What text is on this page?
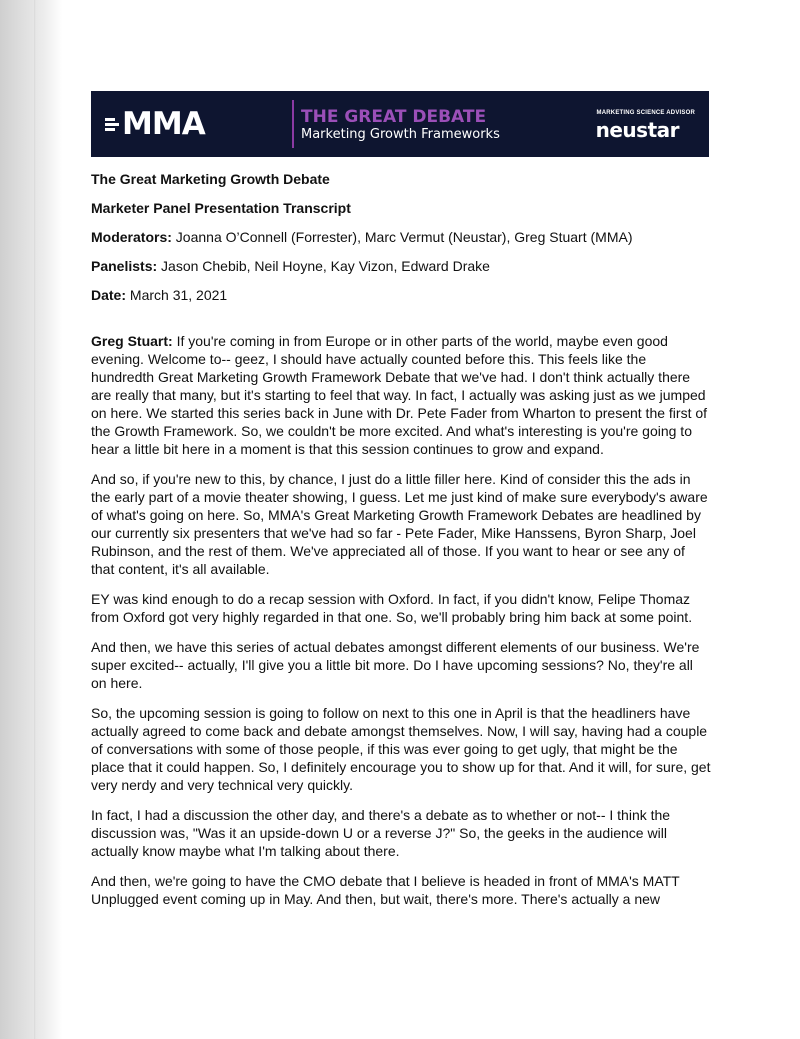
MMA	THE GREAT DEBATE
Marketing Growth Frameworks
MARKETING SCIENCE ADVISOR
neustar

The Great Marketing Growth Debate

Marketer Panel Presentation Transcript

Moderators: Joanna O’Connell (Forrester), Marc Vermut (Neustar), Greg Stuart (MMA)

Panelists: Jason Chebib, Neil Hoyne, Kay Vizon, Edward Drake

Date: March 31, 2021

Greg Stuart: If you're coming in from Europe or in other parts of the world, maybe even good evening. Welcome to-- geez, I should have actually counted before this. This feels like the hundredth Great Marketing Growth Framework Debate that we've had. I don't think actually there are really that many, but it's starting to feel that way. In fact, I actually was asking just as we jumped on here. We started this series back in June with Dr. Pete Fader from Wharton to present the first of the Growth Framework. So, we couldn't be more excited. And what's interesting is you're going to hear a little bit here in a moment is that this session continues to grow and expand.

And so, if you're new to this, by chance, I just do a little filler here. Kind of consider this the ads in the early part of a movie theater showing, I guess. Let me just kind of make sure everybody's aware of what's going on here. So, MMA's Great Marketing Growth Framework Debates are headlined by our currently six presenters that we've had so far - Pete Fader, Mike Hanssens, Byron Sharp, Joel Rubinson, and the rest of them. We've appreciated all of those. If you want to hear or see any of that content, it's all available.

EY was kind enough to do a recap session with Oxford. In fact, if you didn't know, Felipe Thomaz from Oxford got very highly regarded in that one. So, we'll probably bring him back at some point.

And then, we have this series of actual debates amongst different elements of our business. We're super excited-- actually, I'll give you a little bit more. Do I have upcoming sessions? No, they're all on here.

So, the upcoming session is going to follow on next to this one in April is that the headliners have actually agreed to come back and debate amongst themselves. Now, I will say, having had a couple of conversations with some of those people, if this was ever going to get ugly, that might be the place that it could happen. So, I definitely encourage you to show up for that. And it will, for sure, get very nerdy and very technical very quickly.

In fact, I had a discussion the other day, and there's a debate as to whether or not-- I think the discussion was, "Was it an upside-down U or a reverse J?" So, the geeks in the audience will actually know maybe what I'm talking about there.

And then, we're going to have the CMO debate that I believe is headed in front of MMA's MATT Unplugged event coming up in May. And then, but wait, there's more. There's actually a new
